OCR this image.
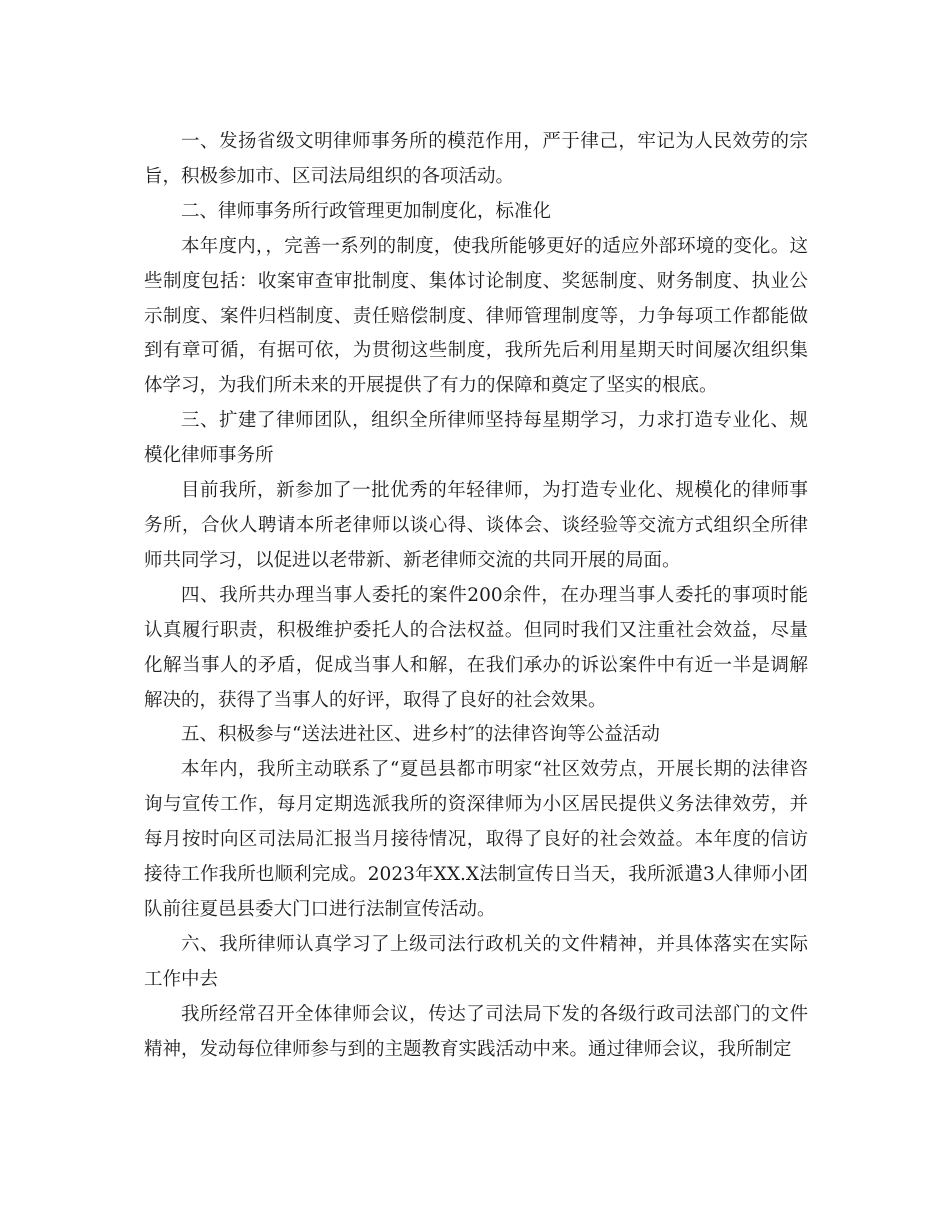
一、发扬省级文明律师事务所的模范作用，严于律己，牢记为人民效劳的宗旨，积极参加市、区司法局组织的各项活动。

二、律师事务所行政管理更加制度化，标准化

本年度内，，完善一系列的制度，使我所能够更好的适应外部环境的变化。这些制度包括：收案审查审批制度、集体讨论制度、奖惩制度、财务制度、执业公示制度、案件归档制度、责任赔偿制度、律师管理制度等，力争每项工作都能做到有章可循，有据可依，为贯彻这些制度，我所先后利用星期天时间屡次组织集体学习，为我们所未来的开展提供了有力的保障和奠定了坚实的根底。

三、扩建了律师团队，组织全所律师坚持每星期学习，力求打造专业化、规模化律师事务所

目前我所，新参加了一批优秀的年轻律师，为打造专业化、规模化的律师事务所，合伙人聘请本所老律师以谈心得、谈体会、谈经验等交流方式组织全所律师共同学习，以促进以老带新、新老律师交流的共同开展的局面。

四、我所共办理当事人委托的案件200余件，在办理当事人委托的事项时能认真履行职责，积极维护委托人的合法权益。但同时我们又注重社会效益，尽量化解当事人的矛盾，促成当事人和解，在我们承办的诉讼案件中有近一半是调解解决的，获得了当事人的好评，取得了良好的社会效果。

五、积极参与“送法进社区、进乡村″的法律咨询等公益活动

本年内，我所主动联系了“夏邑县都市明家“社区效劳点，开展长期的法律咨询与宣传工作，每月定期选派我所的资深律师为小区居民提供义务法律效劳，并每月按时向区司法局汇报当月接待情况，取得了良好的社会效益。本年度的信访接待工作我所也顺利完成。2023年XX.X法制宣传日当天，我所派遣3人律师小团队前往夏邑县委大门口进行法制宣传活动。

六、我所律师认真学习了上级司法行政机关的文件精神，并具体落实在实际工作中去

我所经常召开全体律师会议，传达了司法局下发的各级行政司法部门的文件精神，发动每位律师参与到的主题教育实践活动中来。通过律师会议，我所制定
